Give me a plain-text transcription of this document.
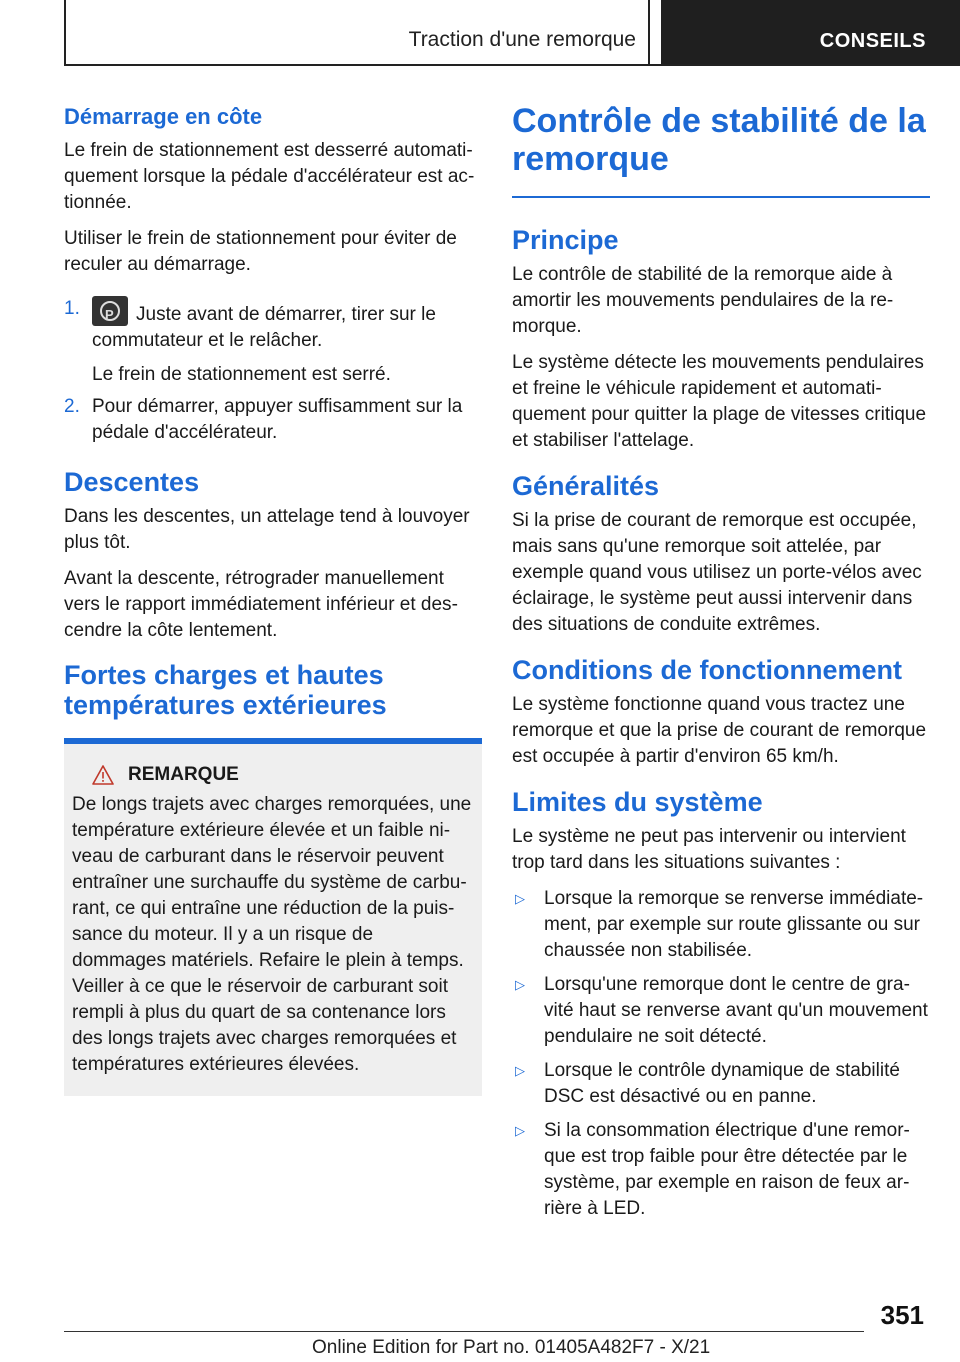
Traction d'une remorque	CONSEILS
Démarrage en côte

Le frein de stationnement est desserré automatiquement lorsque la pédale d'accélérateur est actionnée.

Utiliser le frein de stationnement pour éviter de reculer au démarrage.

1.
P	Juste avant de démarrer, tirer sur le commutateur et le relâcher.
Le frein de stationnement est serré.
2. Pour démarrer, appuyer suffisamment sur la pédale d'accélérateur.
Descentes

Dans les descentes, un attelage tend à louvoyer plus tôt.

Avant la descente, rétrograder manuellement vers le rapport immédiatement inférieur et descendre la côte lentement.

Fortes charges et hautes températures extérieures
REMARQUE

De longs trajets avec charges remorquées, une température extérieure élevée et un faible niveau de carburant dans le réservoir peuvent entraîner une surchauffe du système de carburant, ce qui entraîne une réduction de la puissance du moteur. Il y a un risque de dommages matériels. Refaire le plein à temps. Veiller à ce que le réservoir de carburant soit rempli à plus du quart de sa contenance lors des longs trajets avec charges remorquées et températures extérieures élevées.

Contrôle de stabilité de la remorque
Principe

Le contrôle de stabilité de la remorque aide à amortir les mouvements pendulaires de la remorque.

Le système détecte les mouvements pendulaires et freine le véhicule rapidement et automatiquement pour quitter la plage de vitesses critique et stabiliser l'attelage.

Généralités

Si la prise de courant de remorque est occupée, mais sans qu'une remorque soit attelée, par exemple quand vous utilisez un porte-vélos avec éclairage, le système peut aussi intervenir dans des situations de conduite extrêmes.

Conditions de fonctionnement

Le système fonctionne quand vous tractez une remorque et que la prise de courant de remorque est occupée à partir d'environ 65 km/h.

Limites du système

Le système ne peut pas intervenir ou intervient trop tard dans les situations suivantes :

▷	Lorsque la remorque se renverse immédiatement, par exemple sur route glissante ou sur chaussée non stabilisée.
▷	Lorsqu'une remorque dont le centre de gravité haut se renverse avant qu'un mouvement pendulaire ne soit détecté.
▷	Lorsque le contrôle dynamique de stabilité DSC est désactivé ou en panne.
▷	Si la consommation électrique d'une remorque est trop faible pour être détectée par le système, par exemple en raison de feux arrière à LED.
351
Online Edition for Part no. 01405A482F7 - X/21
